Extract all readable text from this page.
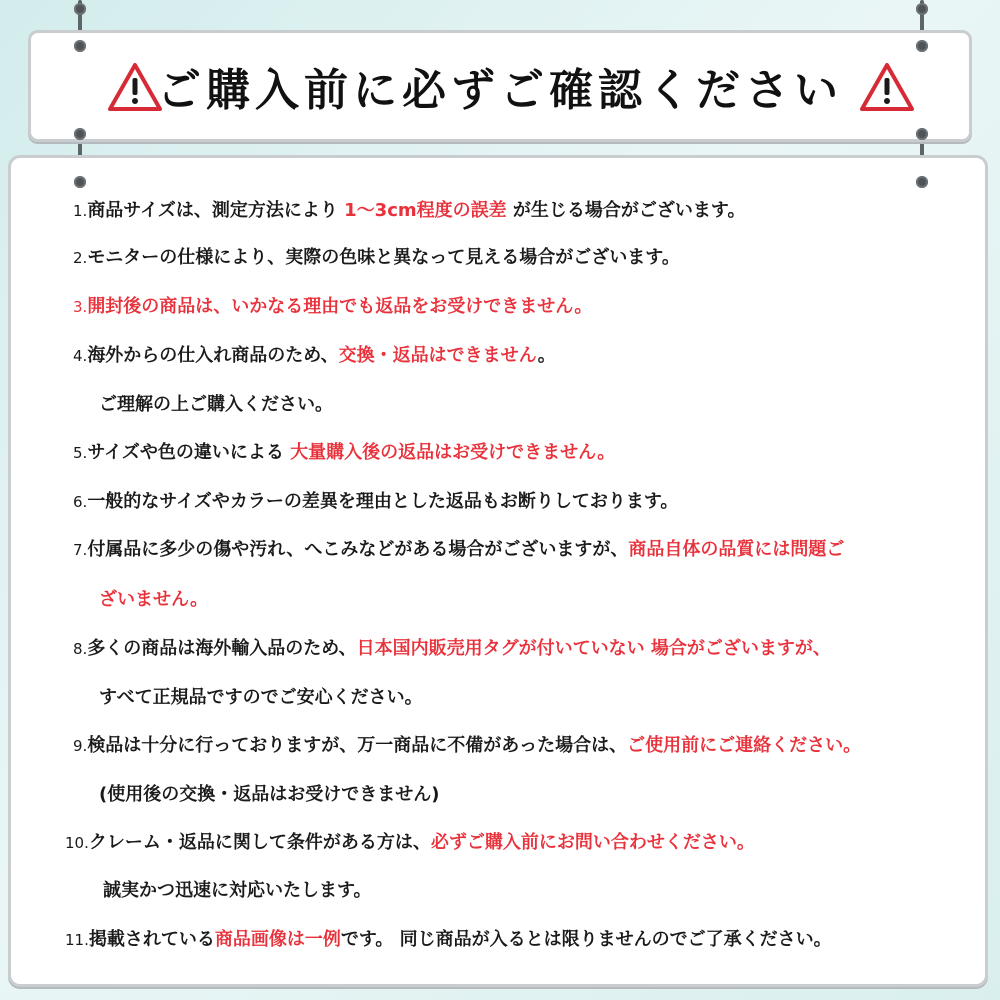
ご購入前に必ずご確認ください
1.商品サイズは、測定方法により 1〜3cm程度の誤差 が生じる場合がございます。
2.モニターの仕様により、実際の色味と異なって見える場合がございます。
3.開封後の商品は、いかなる理由でも返品をお受けできません。
4.海外からの仕入れ商品のため、交換・返品はできません。
ご理解の上ご購入ください。
5.サイズや色の違いによる 大量購入後の返品はお受けできません。
6.一般的なサイズやカラーの差異を理由とした返品もお断りしております。
7.付属品に多少の傷や汚れ、へこみなどがある場合がございますが、商品自体の品質には問題ご
ざいません。
8.多くの商品は海外輸入品のため、日本国内販売用タグが付いていない 場合がございますが、
すべて正規品ですのでご安心ください。
9.検品は十分に行っておりますが、万一商品に不備があった場合は、ご使用前にご連絡ください。
(使用後の交換・返品はお受けできません)
10.クレーム・返品に関して条件がある方は、必ずご購入前にお問い合わせください。
誠実かつ迅速に対応いたします。
11.掲載されている商品画像は一例です。 同じ商品が入るとは限りませんのでご了承ください。
